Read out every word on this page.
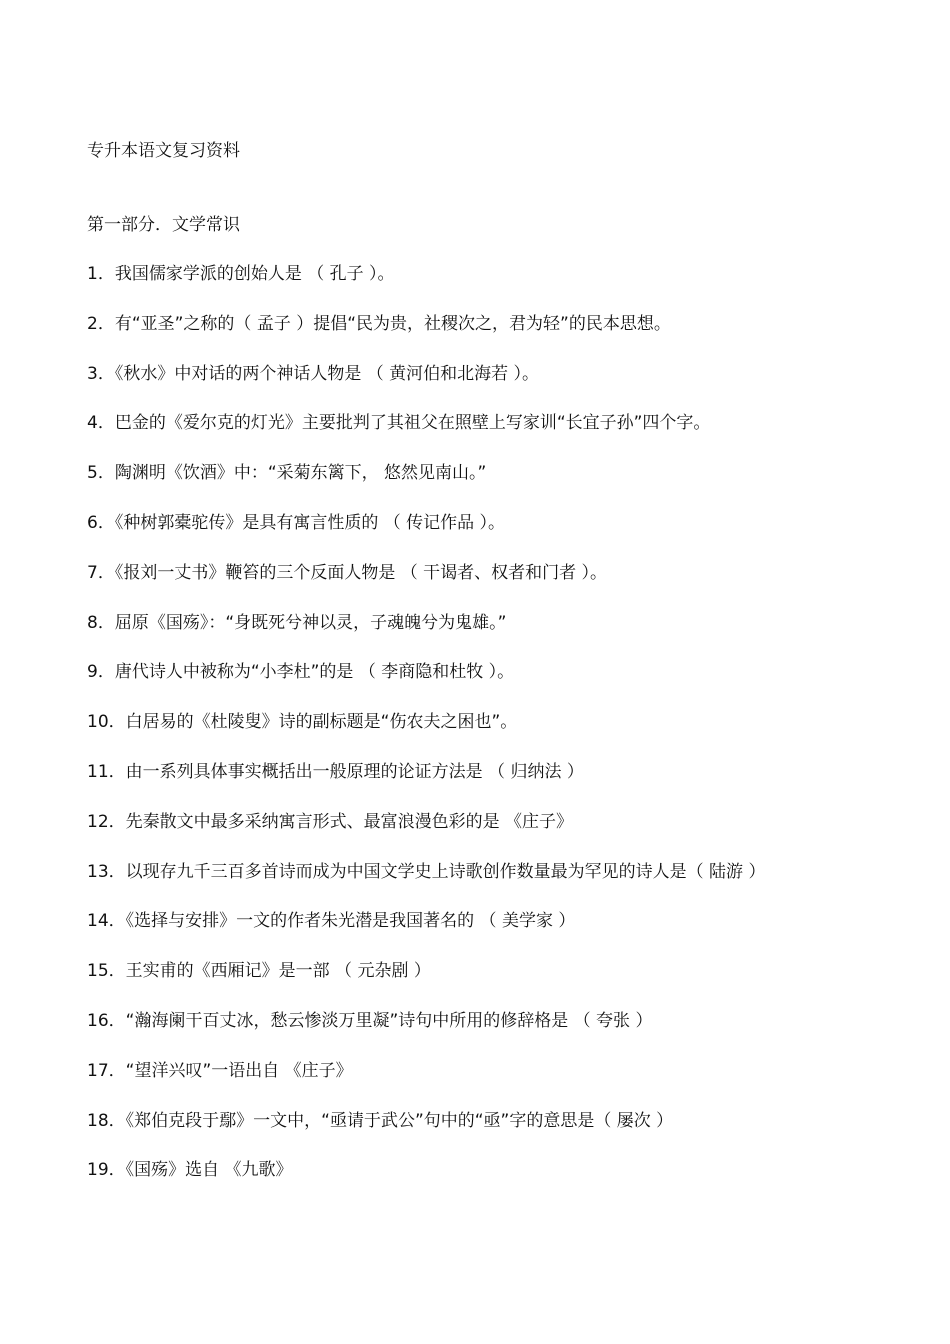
专升本语文复习资料
第一部分．文学常识
1．我国儒家学派的创始人是 （ 孔子 ）。
2．有“亚圣”之称的（ 孟子 ）提倡“民为贵，社稷次之，君为轻”的民本思想。
3．《秋水》中对话的两个神话人物是 （ 黄河伯和北海若 ）。
4．巴金的《爱尔克的灯光》主要批判了其祖父在照壁上写家训“长宜子孙”四个字。
5．陶渊明《饮酒》中：“采菊东篱下， 悠然见南山。”
6．《种树郭橐驼传》是具有寓言性质的 （ 传记作品 ）。
7．《报刘一丈书》鞭笞的三个反面人物是 （ 干谒者、权者和门者 ）。
8．屈原《国殇》：“身既死兮神以灵，子魂魄兮为鬼雄。”
9．唐代诗人中被称为“小李杜”的是 （ 李商隐和杜牧 ）。
10．白居易的《杜陵叟》诗的副标题是“伤农夫之困也”。
11．由一系列具体事实概括出一般原理的论证方法是 （ 归纳法 ）
12．先秦散文中最多采纳寓言形式、最富浪漫色彩的是 《庄子》
13．以现存九千三百多首诗而成为中国文学史上诗歌创作数量最为罕见的诗人是（ 陆游 ）
14．《选择与安排》一文的作者朱光潜是我国著名的 （ 美学家 ）
15．王实甫的《西厢记》是一部 （ 元杂剧 ）
16．“瀚海阑干百丈冰，愁云惨淡万里凝”诗句中所用的修辞格是 （ 夸张 ）
17．“望洋兴叹”一语出自 《庄子》
18．《郑伯克段于鄢》一文中，“亟请于武公”句中的“亟”字的意思是（ 屡次 ）
19．《国殇》选自 《九歌》
